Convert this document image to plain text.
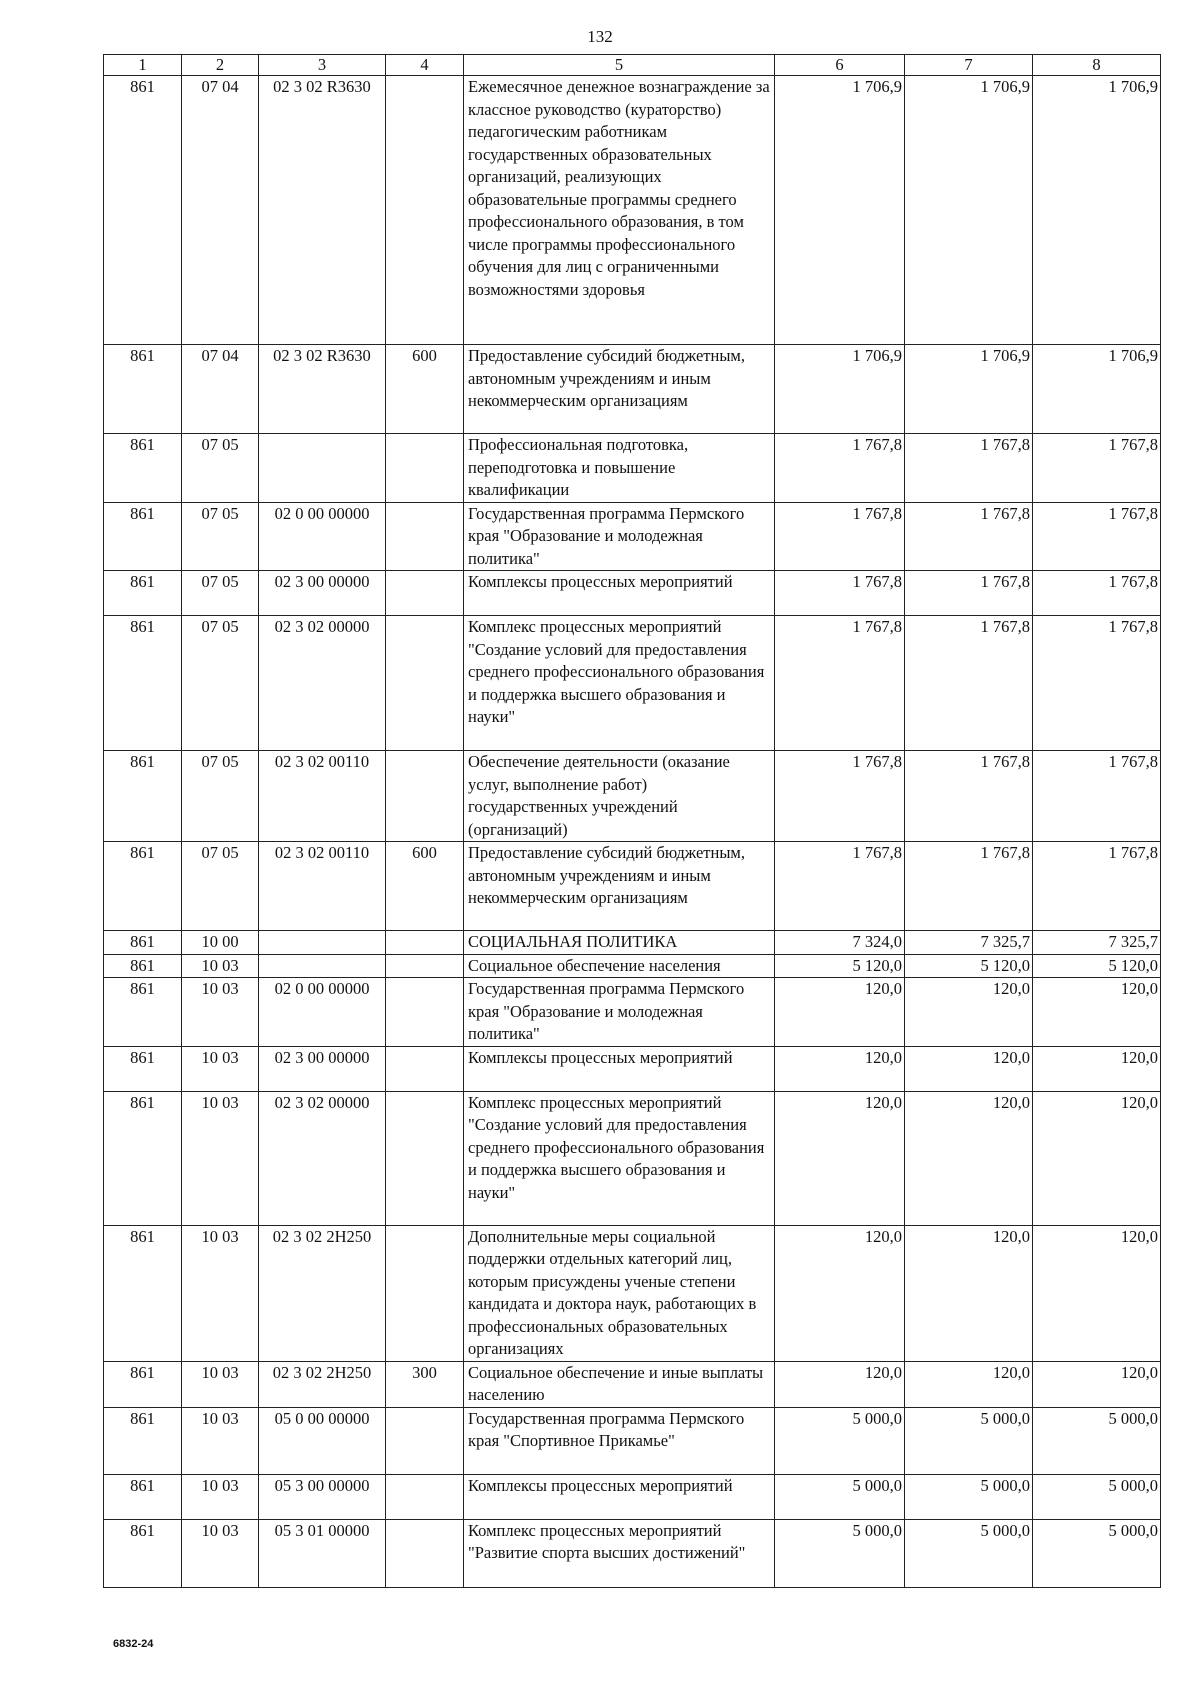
132
1	2	3	4	5	6	7	8
861	07 04	02 3 02 R3630		Ежемесячное денежное вознаграждение за классное руководство (кураторство) педагогическим работникам государственных образовательных организаций, реализующих образовательные программы среднего профессионального образования, в том числе программы профессионального обучения для лиц с ограниченными возможностями здоровья	1 706,9	1 706,9	1 706,9
861	07 04	02 3 02 R3630	600	Предоставление субсидий бюджетным, автономным учреждениям и иным некоммерческим организациям	1 706,9	1 706,9	1 706,9
861	07 05			Профессиональная подготовка, переподготовка и повышение квалификации	1 767,8	1 767,8	1 767,8
861	07 05	02 0 00 00000		Государственная программа Пермского края "Образование и молодежная политика"	1 767,8	1 767,8	1 767,8
861	07 05	02 3 00 00000		Комплексы процессных мероприятий	1 767,8	1 767,8	1 767,8
861	07 05	02 3 02 00000		Комплекс процессных мероприятий "Создание условий для предоставления среднего профессионального образования и поддержка высшего образования и науки"	1 767,8	1 767,8	1 767,8
861	07 05	02 3 02 00110		Обеспечение деятельности (оказание услуг, выполнение работ) государственных учреждений (организаций)	1 767,8	1 767,8	1 767,8
861	07 05	02 3 02 00110	600	Предоставление субсидий бюджетным, автономным учреждениям и иным некоммерческим организациям	1 767,8	1 767,8	1 767,8
861	10 00			СОЦИАЛЬНАЯ ПОЛИТИКА	7 324,0	7 325,7	7 325,7
861	10 03			Социальное обеспечение населения	5 120,0	5 120,0	5 120,0
861	10 03	02 0 00 00000		Государственная программа Пермского края "Образование и молодежная политика"	120,0	120,0	120,0
861	10 03	02 3 00 00000		Комплексы процессных мероприятий	120,0	120,0	120,0
861	10 03	02 3 02 00000		Комплекс процессных мероприятий "Создание условий для предоставления среднего профессионального образования и поддержка высшего образования и науки"	120,0	120,0	120,0
861	10 03	02 3 02 2H250		Дополнительные меры социальной поддержки отдельных категорий лиц, которым присуждены ученые степени кандидата и доктора наук, работающих в профессиональных образовательных организациях	120,0	120,0	120,0
861	10 03	02 3 02 2H250	300	Социальное обеспечение и иные выплаты населению	120,0	120,0	120,0
861	10 03	05 0 00 00000		Государственная программа Пермского края "Спортивное Прикамье"	5 000,0	5 000,0	5 000,0
861	10 03	05 3 00 00000		Комплексы процессных мероприятий	5 000,0	5 000,0	5 000,0
861	10 03	05 3 01 00000		Комплекс процессных мероприятий "Развитие спорта высших достижений"	5 000,0	5 000,0	5 000,0
6832-24
